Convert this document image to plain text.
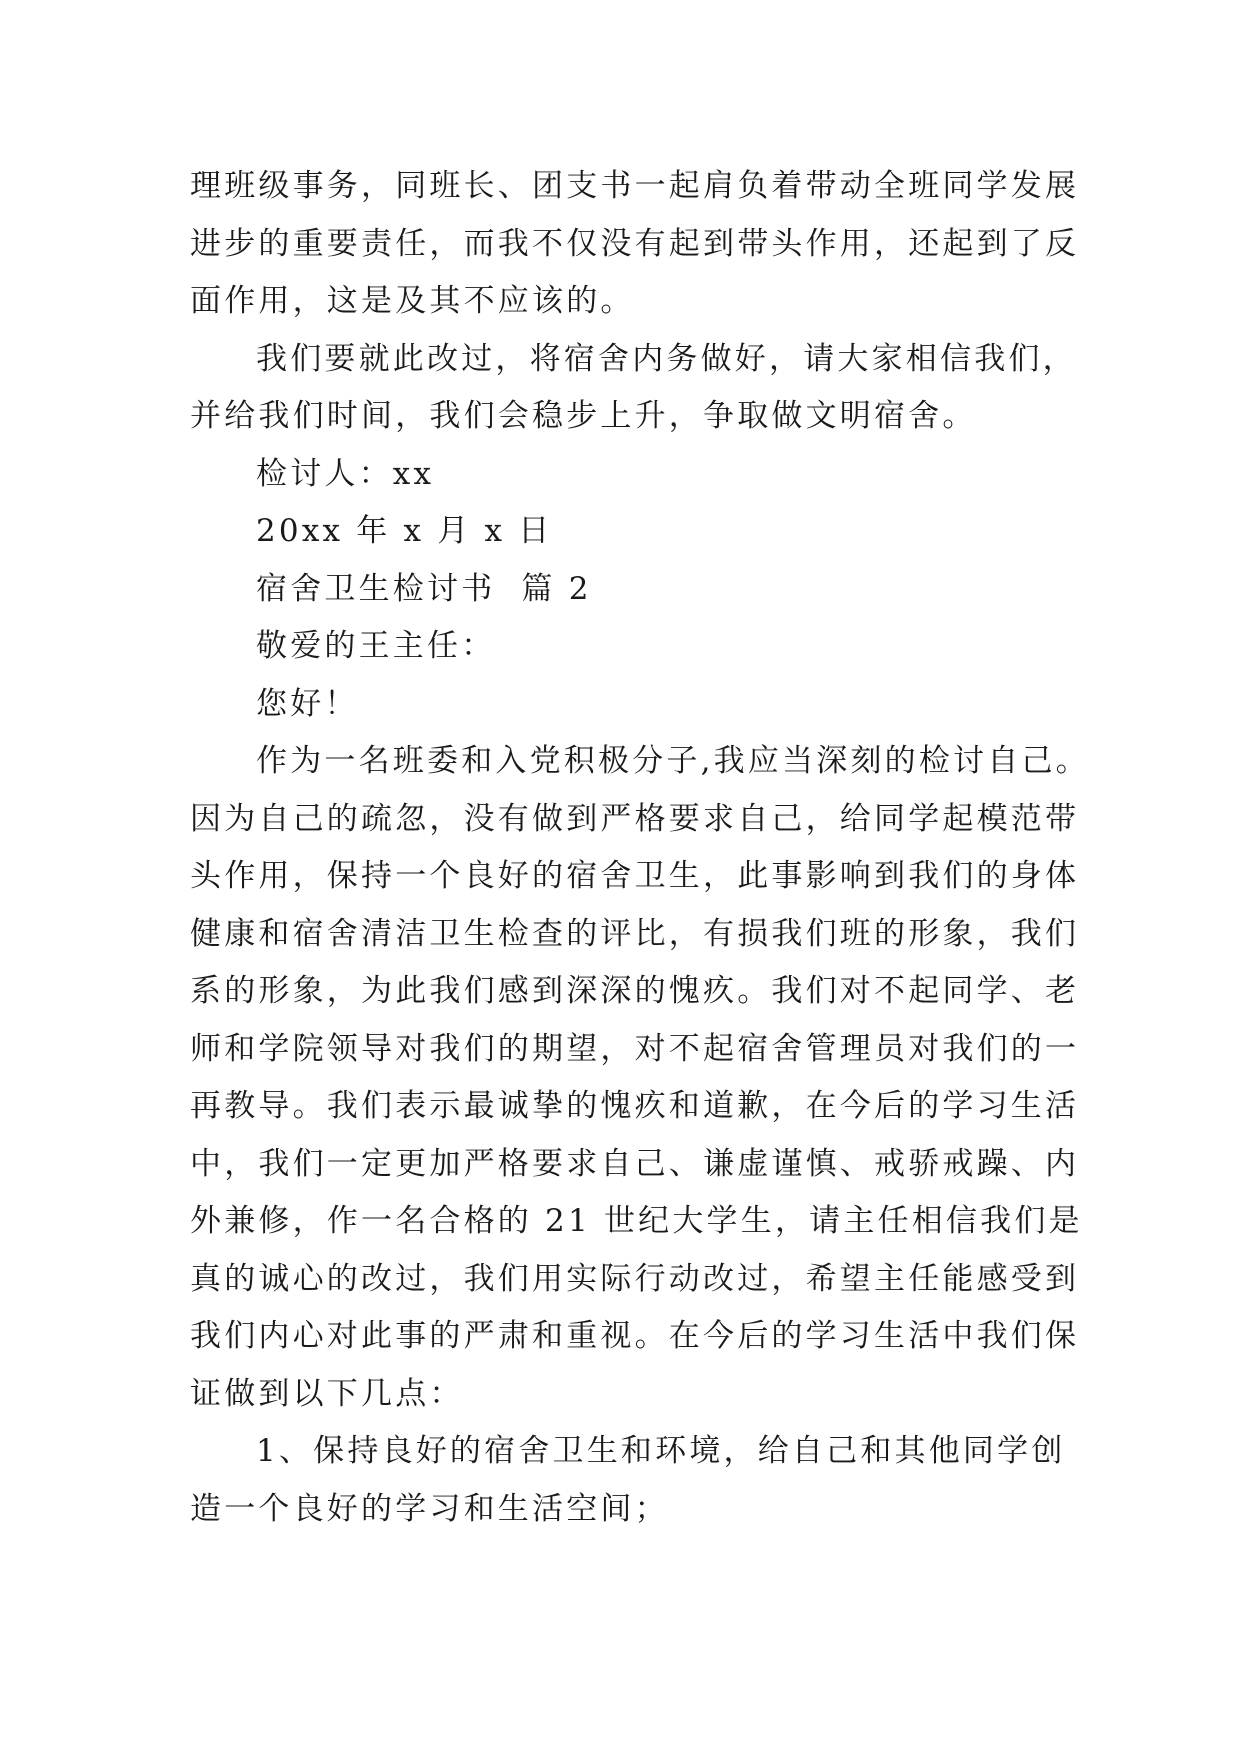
理班级事务，同班长、团支书一起肩负着带动全班同学发展
进步的重要责任，而我不仅没有起到带头作用，还起到了反
面作用，这是及其不应该的。

我们要就此改过，将宿舍内务做好，请大家相信我们，
并给我们时间，我们会稳步上升，争取做文明宿舍。

检讨人：xx

20xx 年 x 月 x 日

宿舍卫生检讨书  篇 2

敬爱的王主任：

您好！

作为一名班委和入党积极分子,我应当深刻的检讨自己。
因为自己的疏忽，没有做到严格要求自己，给同学起模范带
头作用，保持一个良好的宿舍卫生，此事影响到我们的身体
健康和宿舍清洁卫生检查的评比，有损我们班的形象，我们
系的形象，为此我们感到深深的愧疚。我们对不起同学、老
师和学院领导对我们的期望，对不起宿舍管理员对我们的一
再教导。我们表示最诚挚的愧疚和道歉，在今后的学习生活
中，我们一定更加严格要求自己、谦虚谨慎、戒骄戒躁、内
外兼修，作一名合格的 21 世纪大学生，请主任相信我们是
真的诚心的改过，我们用实际行动改过，希望主任能感受到
我们内心对此事的严肃和重视。在今后的学习生活中我们保
证做到以下几点：

1、保持良好的宿舍卫生和环境，给自己和其他同学创
造一个良好的学习和生活空间；
